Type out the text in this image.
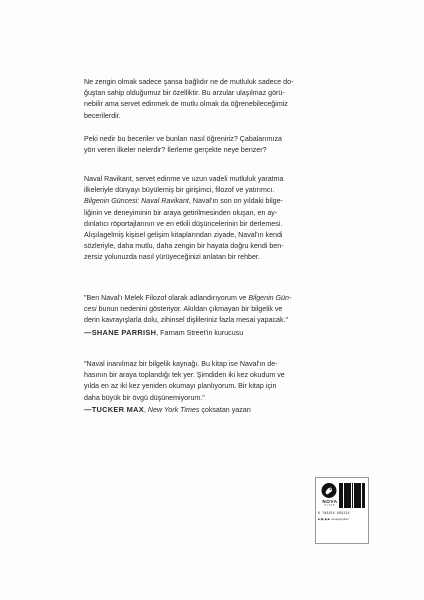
Ne zengin olmak sadece şansa bağlıdır ne de mutluluk sadece do-

ğuştan sahip olduğumuz bir özelliktir. Bu arzular ulaşılmaz görü-

nebilir ama servet edinmek de mutlu olmak da öğrenebileceğimiz

becerilerdir.

Peki nedir bu beceriler ve bunları nasıl öğreniriz? Çabalarımıza

yön veren ilkeler nelerdir? İlerleme gerçekte neye benzer?

Naval Ravikant, servet edinme ve uzun vadeli mutluluk yaratma

ilkeleriyle dünyayı büyülemiş bir girişimci, filozof ve yatırımcı.

Bilgenin Güncesi: Naval Ravikant, Naval'ın son on yıldaki bilge-

liğinin ve deneyiminin bir araya getirilmesinden oluşan, en ay-

dınlatıcı röportajlarının ve en etkili düşüncelerinin bir derlemesi.

Alışılagelmiş kişisel gelişim kitaplarından ziyade, Naval'ın kendi

sözleriyle, daha mutlu, daha zengin bir hayata doğru kendi ben-

zersiz yolunuzda nasıl yürüyeceğinizi anlatan bir rehber.

"Ben Naval'ı Melek Filozof olarak adlandırıyorum ve Bilgenin Gün-

cesi bunun nedenini gösteriyor. Akıldan çıkmayan bir bilgelik ve

derin kavrayışlarla dolu, zihinsel dişlileriniz fazla mesai yapacak."

—SHANE PARRISH, Farnam Street'in kurucusu

"Naval inanılmaz bir bilgelik kaynağı. Bu kitap ise Naval'ın de-

hasının bir araya toplandığı tek yer. Şimdiden iki kez okudum ve

yılda en az iki kez yeniden okumayı planlıyorum. Bir kitap için

daha büyük bir övgü düşünemiyorum."

—TUCKER MAX, New York Times çoksatan yazarı

NOVA
KİTAP
9 786254 669224
■ ▣ ◉ ▶ novayayinlari
